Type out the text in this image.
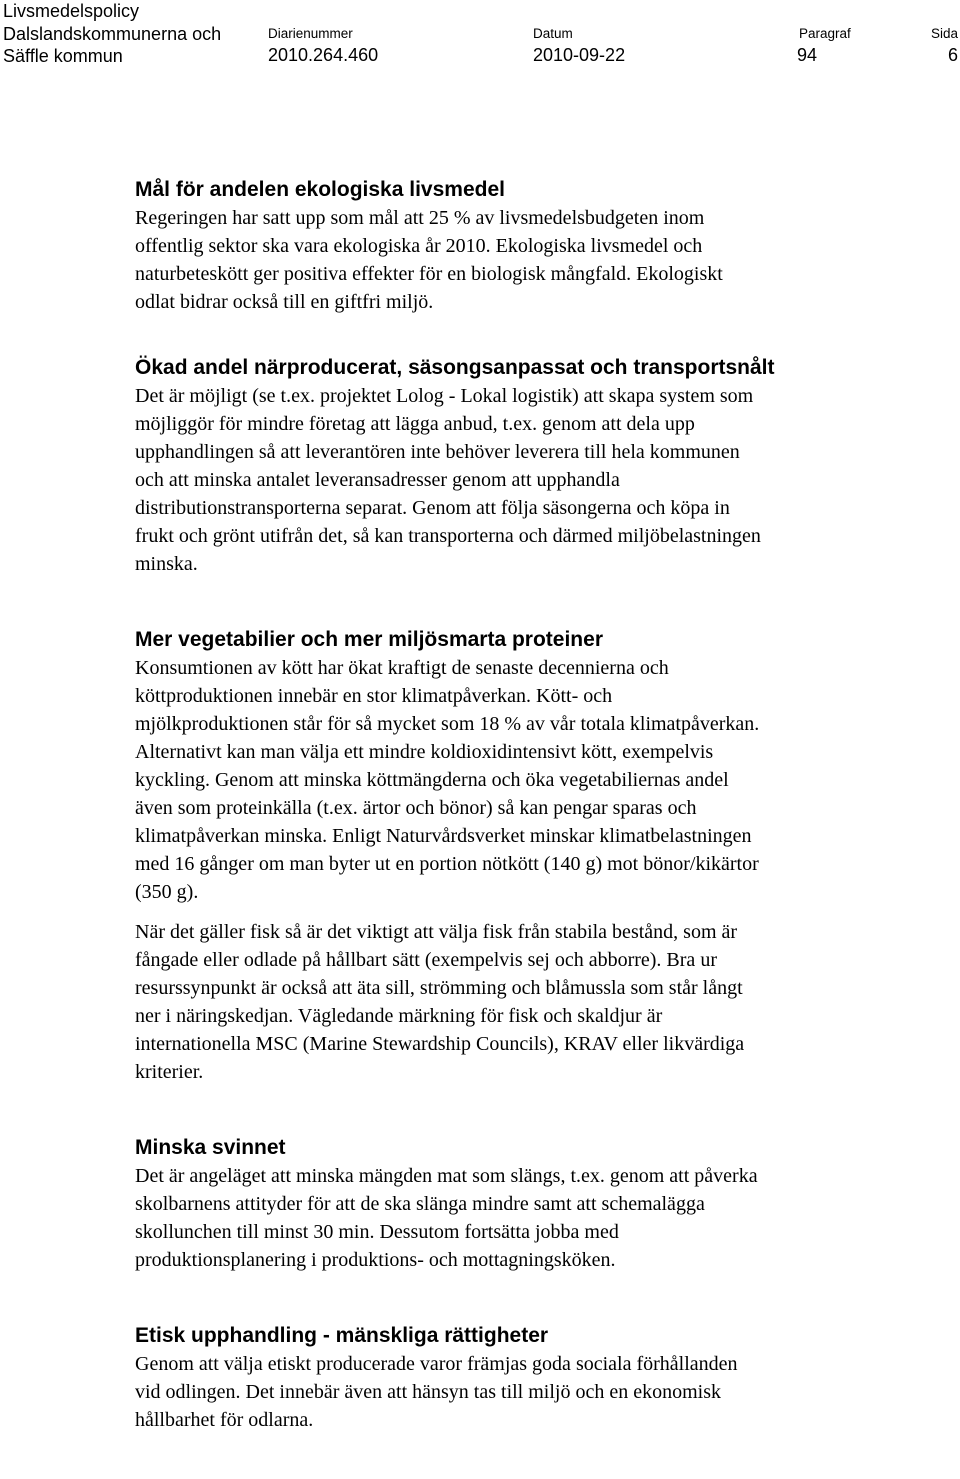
Livsmedelspolicy
Dalslandskommunerna och
Säffle kommun
Diarienummer
2010.264.460
Datum
2010-09-22
Paragraf
94
Sida
6
Mål för andelen ekologiska livsmedel

Regeringen har satt upp som mål att 25 % av livsmedelsbudgeten inom
offentlig sektor ska vara ekologiska år 2010. Ekologiska livsmedel och
naturbeteskött ger positiva effekter för en biologisk mångfald. Ekologiskt
odlat bidrar också till en giftfri miljö.

Ökad andel närproducerat, säsongsanpassat och transportsnålt

Det är möjligt (se t.ex. projektet Lolog - Lokal logistik) att skapa system som
möjliggör för mindre företag att lägga anbud, t.ex. genom att dela upp
upphandlingen så att leverantören inte behöver leverera till hela kommunen
och att minska antalet leveransadresser genom att upphandla
distributionstransporterna separat. Genom att följa säsongerna och köpa in
frukt och grönt utifrån det, så kan transporterna och därmed miljöbelastningen
minska.

Mer vegetabilier och mer miljösmarta proteiner

Konsumtionen av kött har ökat kraftigt de senaste decennierna och
köttproduktionen innebär en stor klimatpåverkan. Kött- och
mjölkproduktionen står för så mycket som 18 % av vår totala klimatpåverkan.
Alternativt kan man välja ett mindre koldioxidintensivt kött, exempelvis
kyckling. Genom att minska köttmängderna och öka vegetabiliernas andel
även som proteinkälla (t.ex. ärtor och bönor) så kan pengar sparas och
klimatpåverkan minska. Enligt Naturvårdsverket minskar klimatbelastningen
med 16 gånger om man byter ut en portion nötkött (140 g) mot bönor/kikärtor
(350 g).

När det gäller fisk så är det viktigt att välja fisk från stabila bestånd, som är
fångade eller odlade på hållbart sätt (exempelvis sej och abborre). Bra ur
resurssynpunkt är också att äta sill, strömming och blåmussla som står långt
ner i näringskedjan. Vägledande märkning för fisk och skaldjur är
internationella MSC (Marine Stewardship Councils), KRAV eller likvärdiga
kriterier.

Minska svinnet

Det är angeläget att minska mängden mat som slängs, t.ex. genom att påverka
skolbarnens attityder för att de ska slänga mindre samt att schemalägga
skollunchen till minst 30 min. Dessutom fortsätta jobba med
produktionsplanering i produktions- och mottagningsköken.

Etisk upphandling - mänskliga rättigheter

Genom att välja etiskt producerade varor främjas goda sociala förhållanden
vid odlingen. Det innebär även att hänsyn tas till miljö och en ekonomisk
hållbarhet för odlarna.
